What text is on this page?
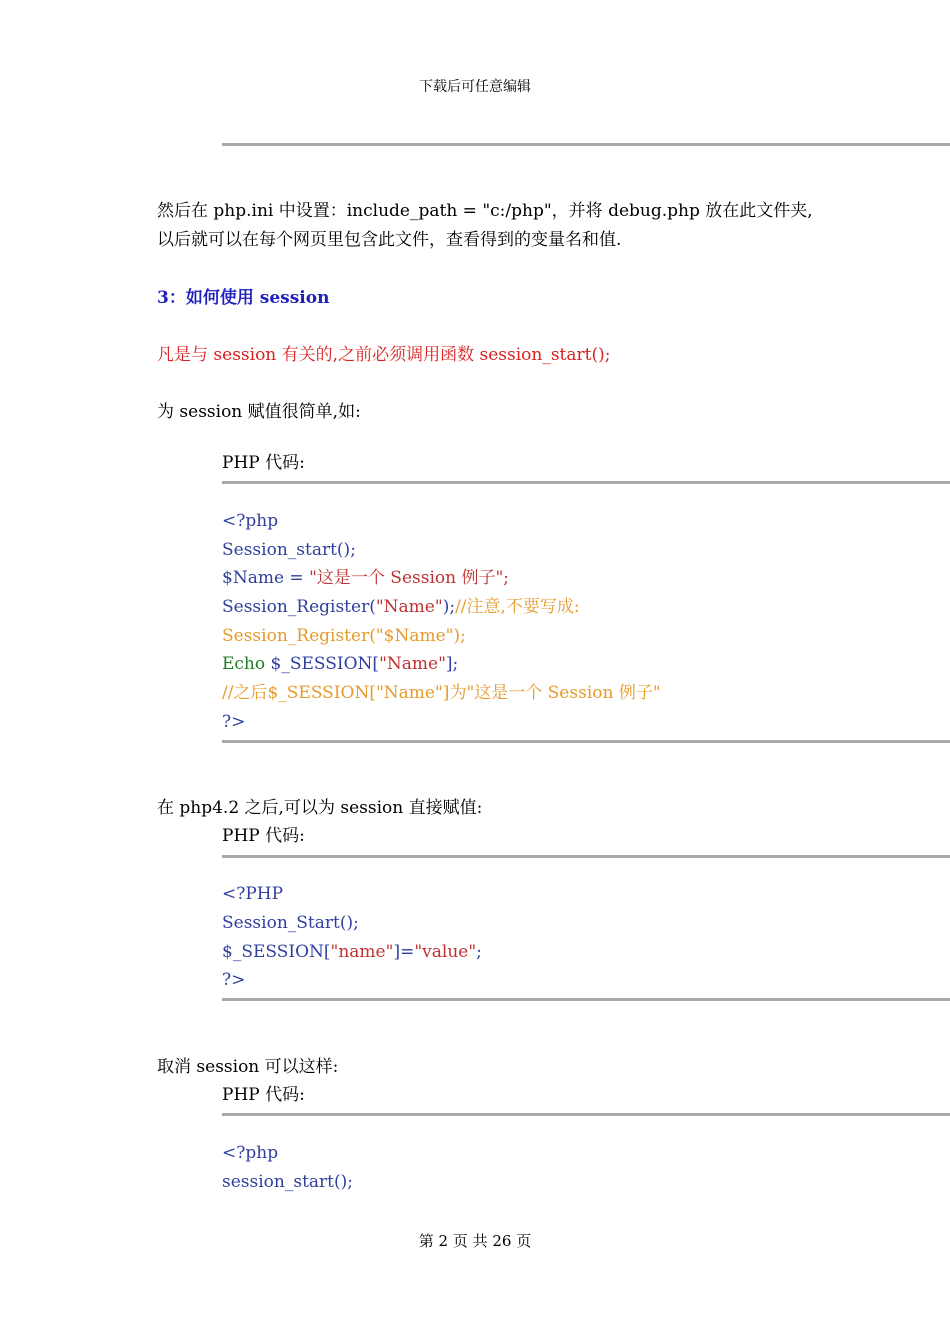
下载后可任意编辑
然后在 php.ini 中设置：include_path = "c:/php"，并将 debug.php 放在此文件夹,
以后就可以在每个网页里包含此文件，查看得到的变量名和值.
3：如何使用 session
凡是与 session 有关的,之前必须调用函数 session_start();
为 session 赋值很简单,如:
PHP 代码:
<?php
Session_start();
$Name = "这是一个 Session 例子";
Session_Register("Name");//注意,不要写成:
Session_Register("$Name");
Echo $_SESSION["Name"];
//之后$_SESSION["Name"]为"这是一个 Session 例子"
?>
在 php4.2 之后,可以为 session 直接赋值:
PHP 代码:
<?PHP
Session_Start();
$_SESSION["name"]="value";
?>
取消 session 可以这样:
PHP 代码:
<?php
session_start();
第 2 页 共 26 页
